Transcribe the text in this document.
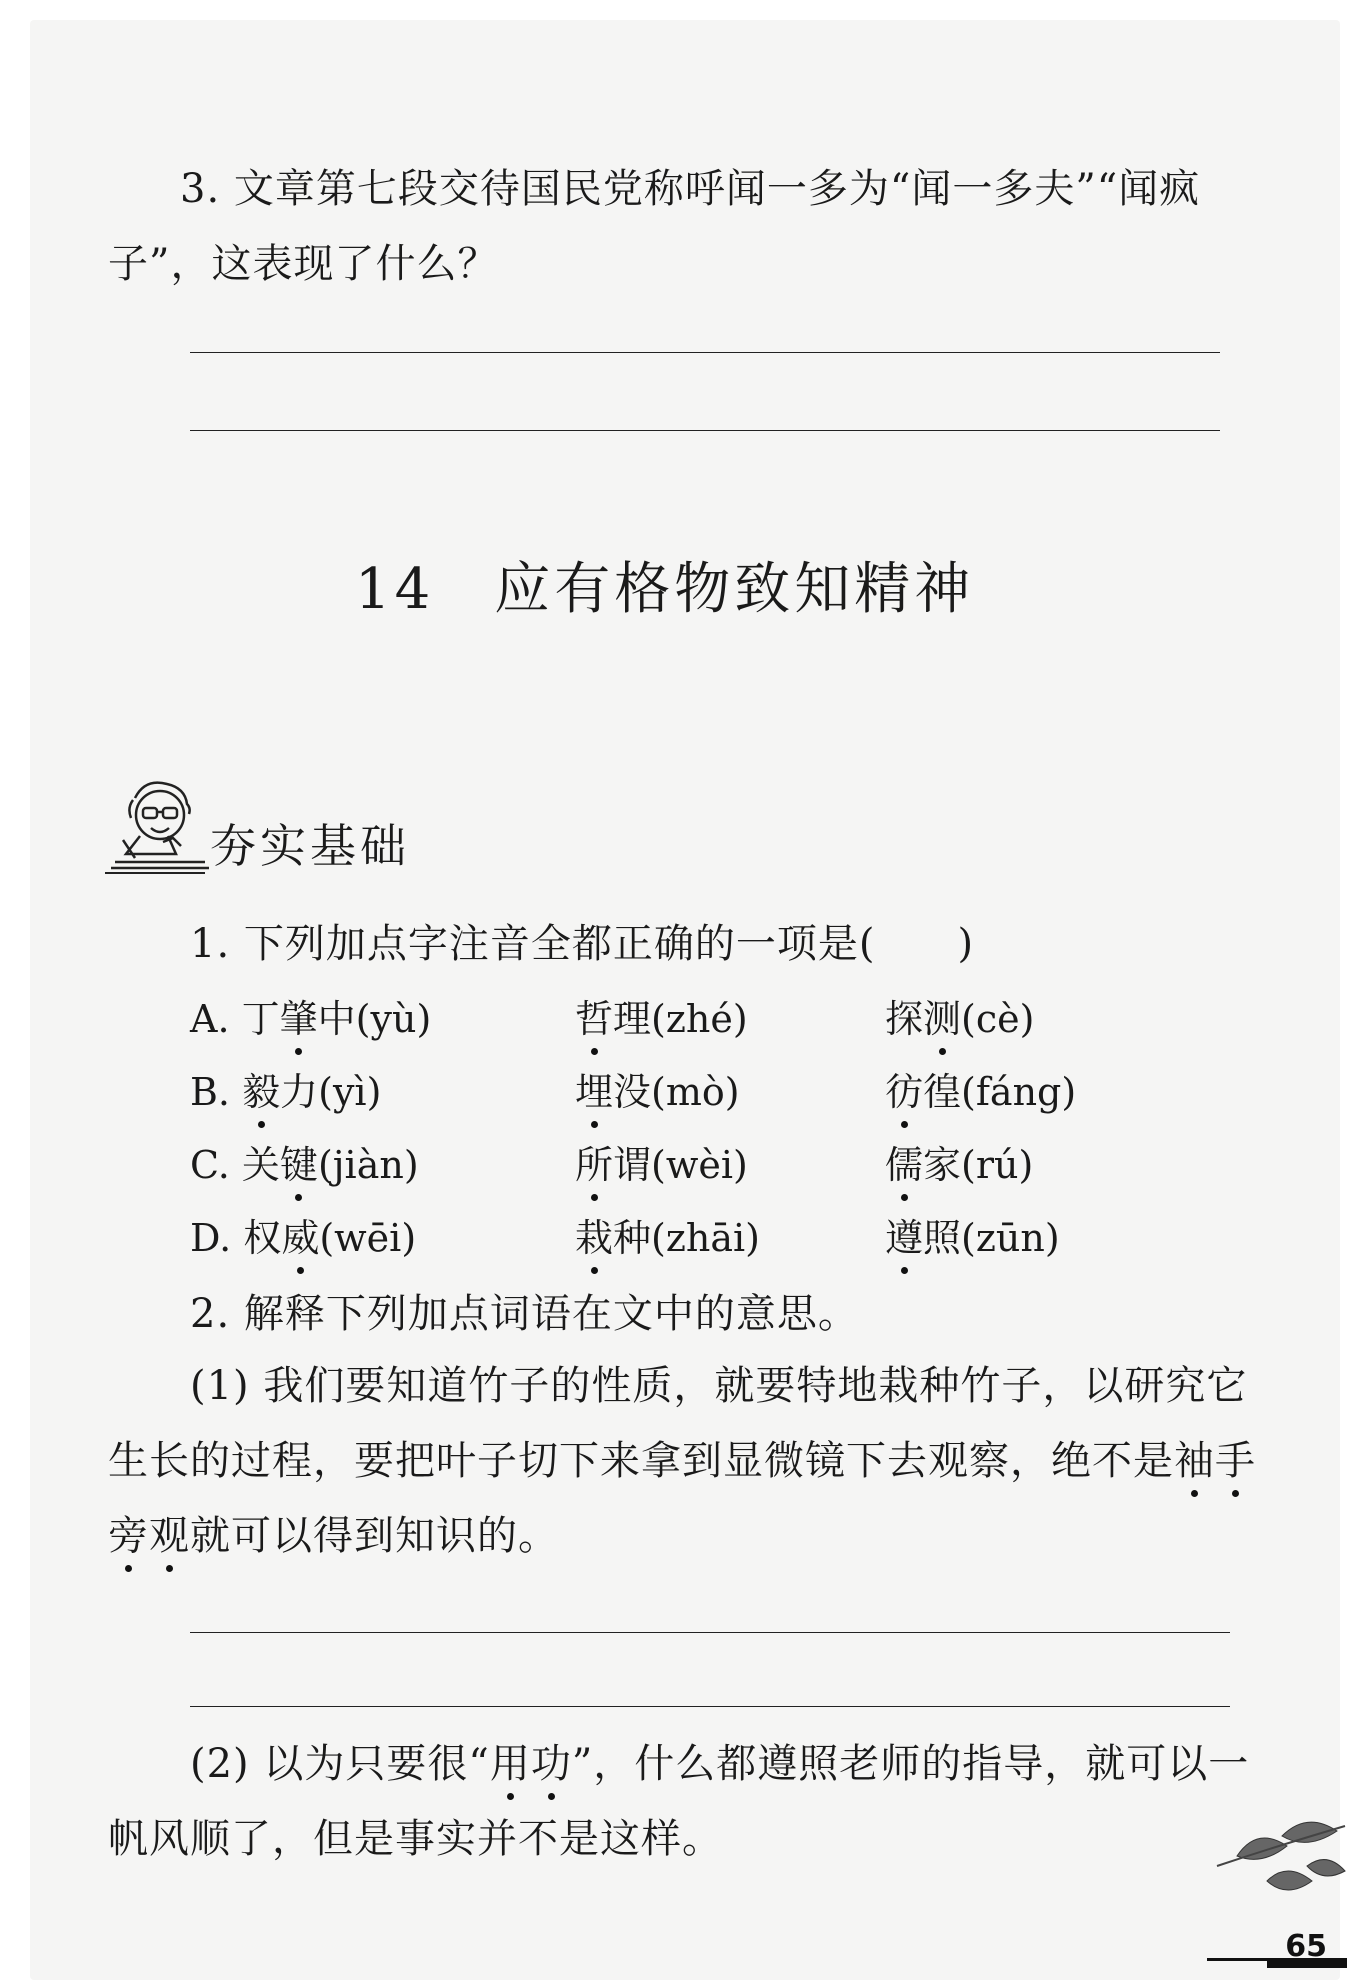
3. 文章第七段交待国民党称呼闻一多为“闻一多夫”“闻疯
子”，这表现了什么？
14 应有格物致知精神
夯实基础
1. 下列加点字注音全都正确的一项是(　　)
A. 丁肇中(yù)	哲理(zhé)	探测(cè)
B. 毅力(yì)	埋没(mò)	彷徨(fáng)
C. 关键(jiàn)	所谓(wèi)	儒家(rú)
D. 权威(wēi)	栽种(zhāi)	遵照(zūn)
2. 解释下列加点词语在文中的意思。
(1) 我们要知道竹子的性质，就要特地栽种竹子，以研究它
生长的过程，要把叶子切下来拿到显微镜下去观察，绝不是袖手
旁观就可以得到知识的。
(2) 以为只要很“用功”，什么都遵照老师的指导，就可以一
帆风顺了，但是事实并不是这样。
65
